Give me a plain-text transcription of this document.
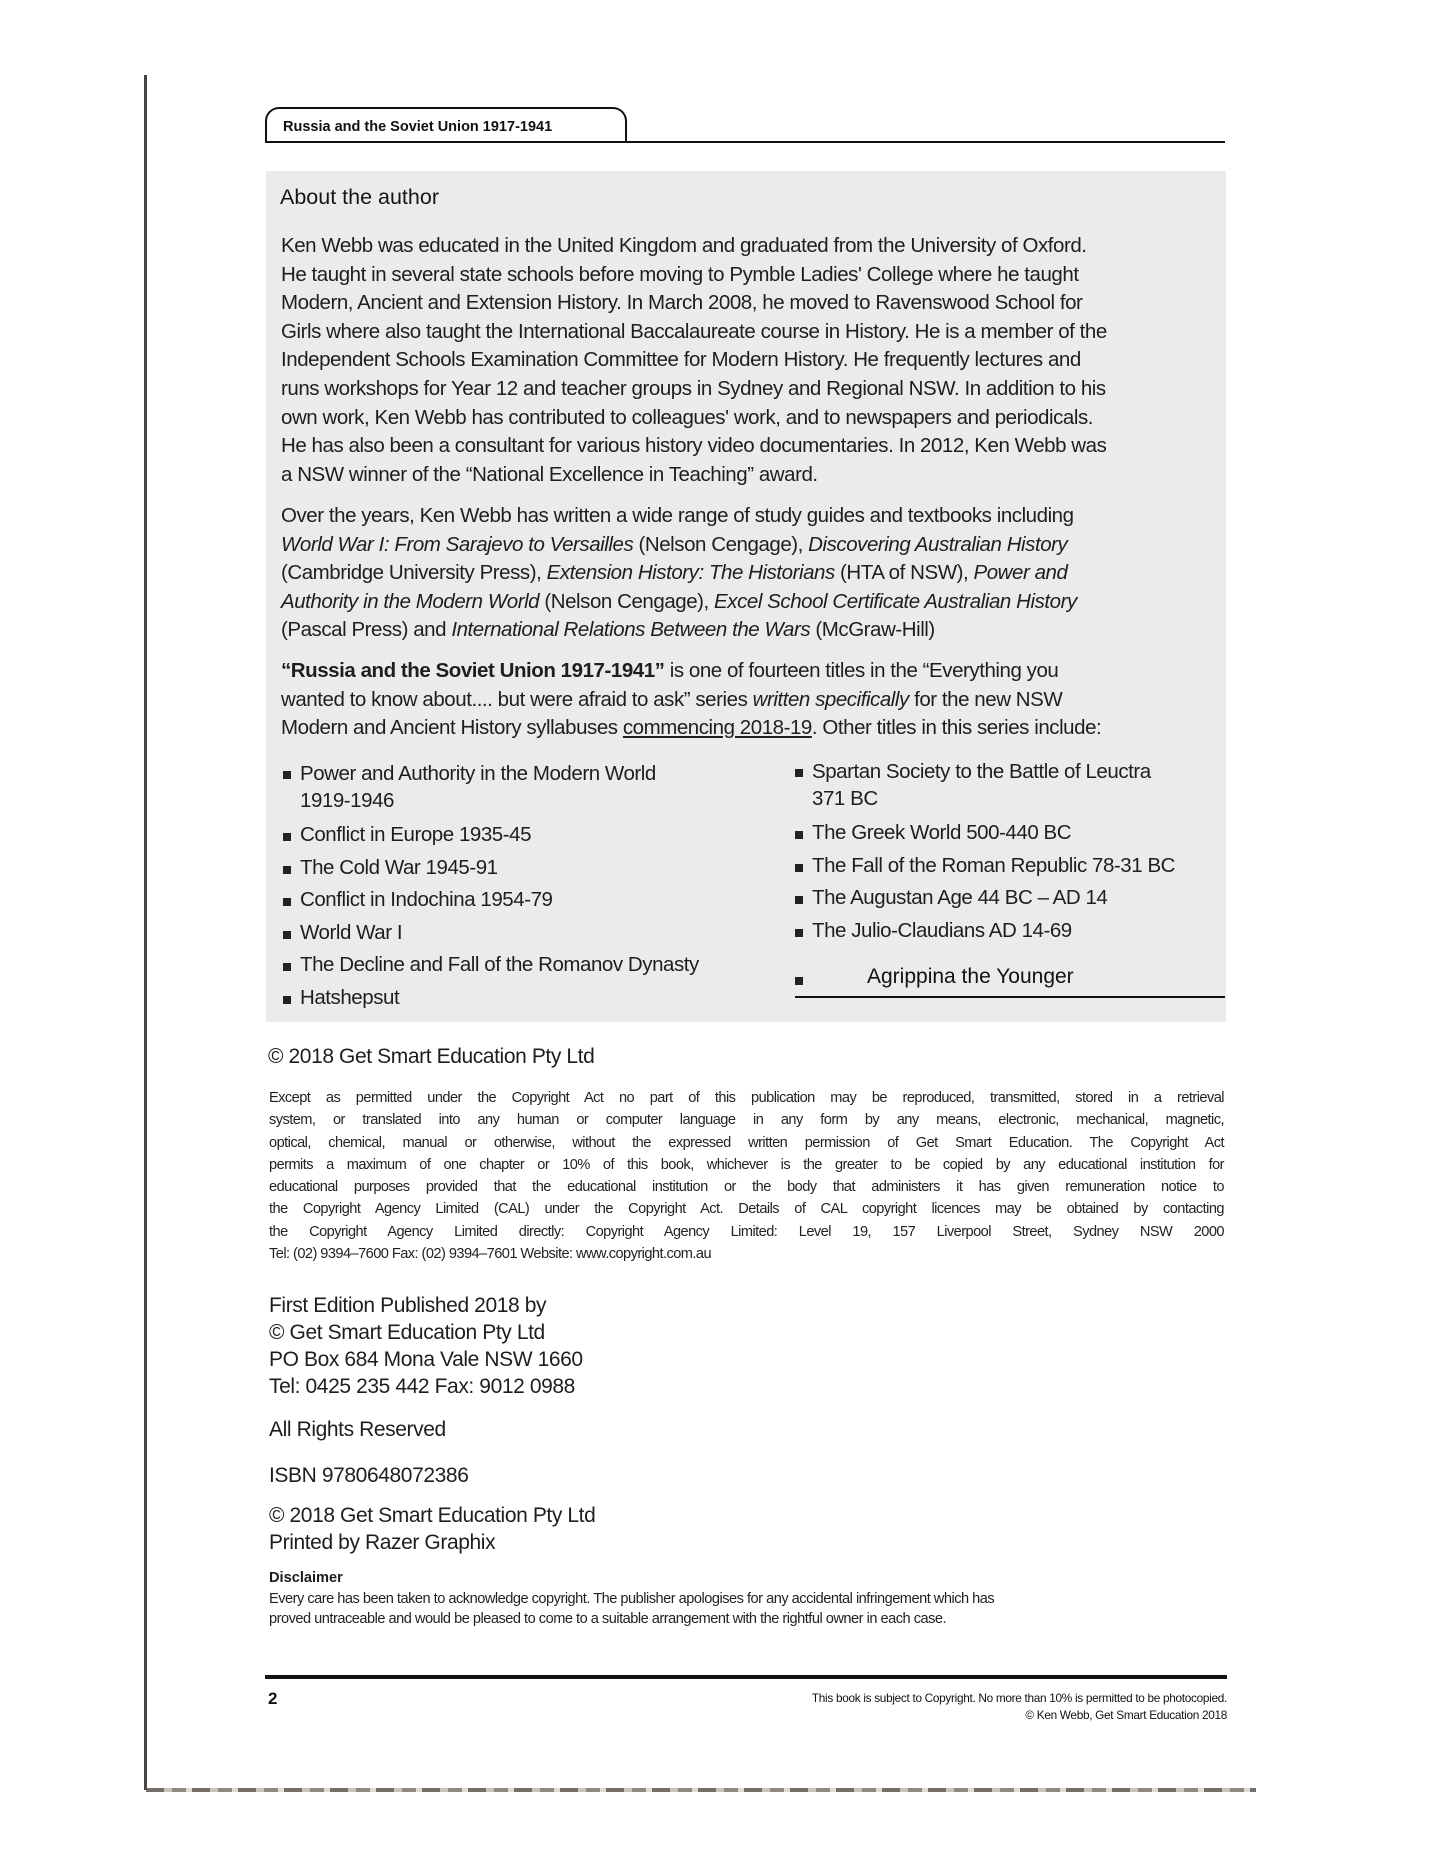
Russia and the Soviet Union 1917-1941
About the author
Ken Webb was educated in the United Kingdom and graduated from the University of Oxford.
He taught in several state schools before moving to Pymble Ladies' College where he taught
Modern, Ancient and Extension History. In March 2008, he moved to Ravenswood School for
Girls where also taught the International Baccalaureate course in History. He is a member of the
Independent Schools Examination Committee for Modern History. He frequently lectures and
runs workshops for Year 12 and teacher groups in Sydney and Regional NSW. In addition to his
own work, Ken Webb has contributed to colleagues' work, and to newspapers and periodicals.
He has also been a consultant for various history video documentaries. In 2012, Ken Webb was
a NSW winner of the “National Excellence in Teaching” award.
Over the years, Ken Webb has written a wide range of study guides and textbooks including
World War I: From Sarajevo to Versailles (Nelson Cengage), Discovering Australian History
(Cambridge University Press), Extension History: The Historians (HTA of NSW), Power and
Authority in the Modern World (Nelson Cengage), Excel School Certificate Australian History
(Pascal Press) and International Relations Between the Wars (McGraw-Hill)
“Russia and the Soviet Union 1917-1941” is one of fourteen titles in the “Everything you
wanted to know about.... but were afraid to ask” series written specifically for the new NSW
Modern and Ancient History syllabuses commencing 2018-19. Other titles in this series include:
Power and Authority in the Modern World
1919-1946
Conflict in Europe 1935-45
The Cold War 1945-91
Conflict in Indochina 1954-79
World War I
The Decline and Fall of the Romanov Dynasty
Hatshepsut
Spartan Society to the Battle of Leuctra
371 BC
The Greek World 500-440 BC
The Fall of the Roman Republic 78-31 BC
The Augustan Age 44 BC – AD 14
The Julio-Claudians AD 14-69
Agrippina the Younger
© 2018 Get Smart Education Pty Ltd
Except as permitted under the Copyright Act no part of this publication may be reproduced, transmitted, stored in a retrieval
system, or translated into any human or computer language in any form by any means, electronic, mechanical, magnetic,
optical, chemical, manual or otherwise, without the expressed written permission of Get Smart Education. The Copyright Act
permits a maximum of one chapter or 10% of this book, whichever is the greater to be copied by any educational institution for
educational purposes provided that the educational institution or the body that administers it has given remuneration notice to
the Copyright Agency Limited (CAL) under the Copyright Act. Details of CAL copyright licences may be obtained by contacting
the Copyright Agency Limited directly: Copyright Agency Limited: Level 19, 157 Liverpool Street, Sydney NSW 2000
Tel: (02) 9394–7600 Fax: (02) 9394–7601 Website: www.copyright.com.au
First Edition Published 2018 by
© Get Smart Education Pty Ltd
PO Box 684 Mona Vale NSW 1660
Tel: 0425 235 442 Fax: 9012 0988
All Rights Reserved
ISBN 9780648072386
© 2018 Get Smart Education Pty Ltd
Printed by Razer Graphix
Disclaimer
Every care has been taken to acknowledge copyright. The publisher apologises for any accidental infringement which has
proved untraceable and would be pleased to come to a suitable arrangement with the rightful owner in each case.
2	This book is subject to Copyright. No more than 10% is permitted to be photocopied.
© Ken Webb, Get Smart Education 2018
